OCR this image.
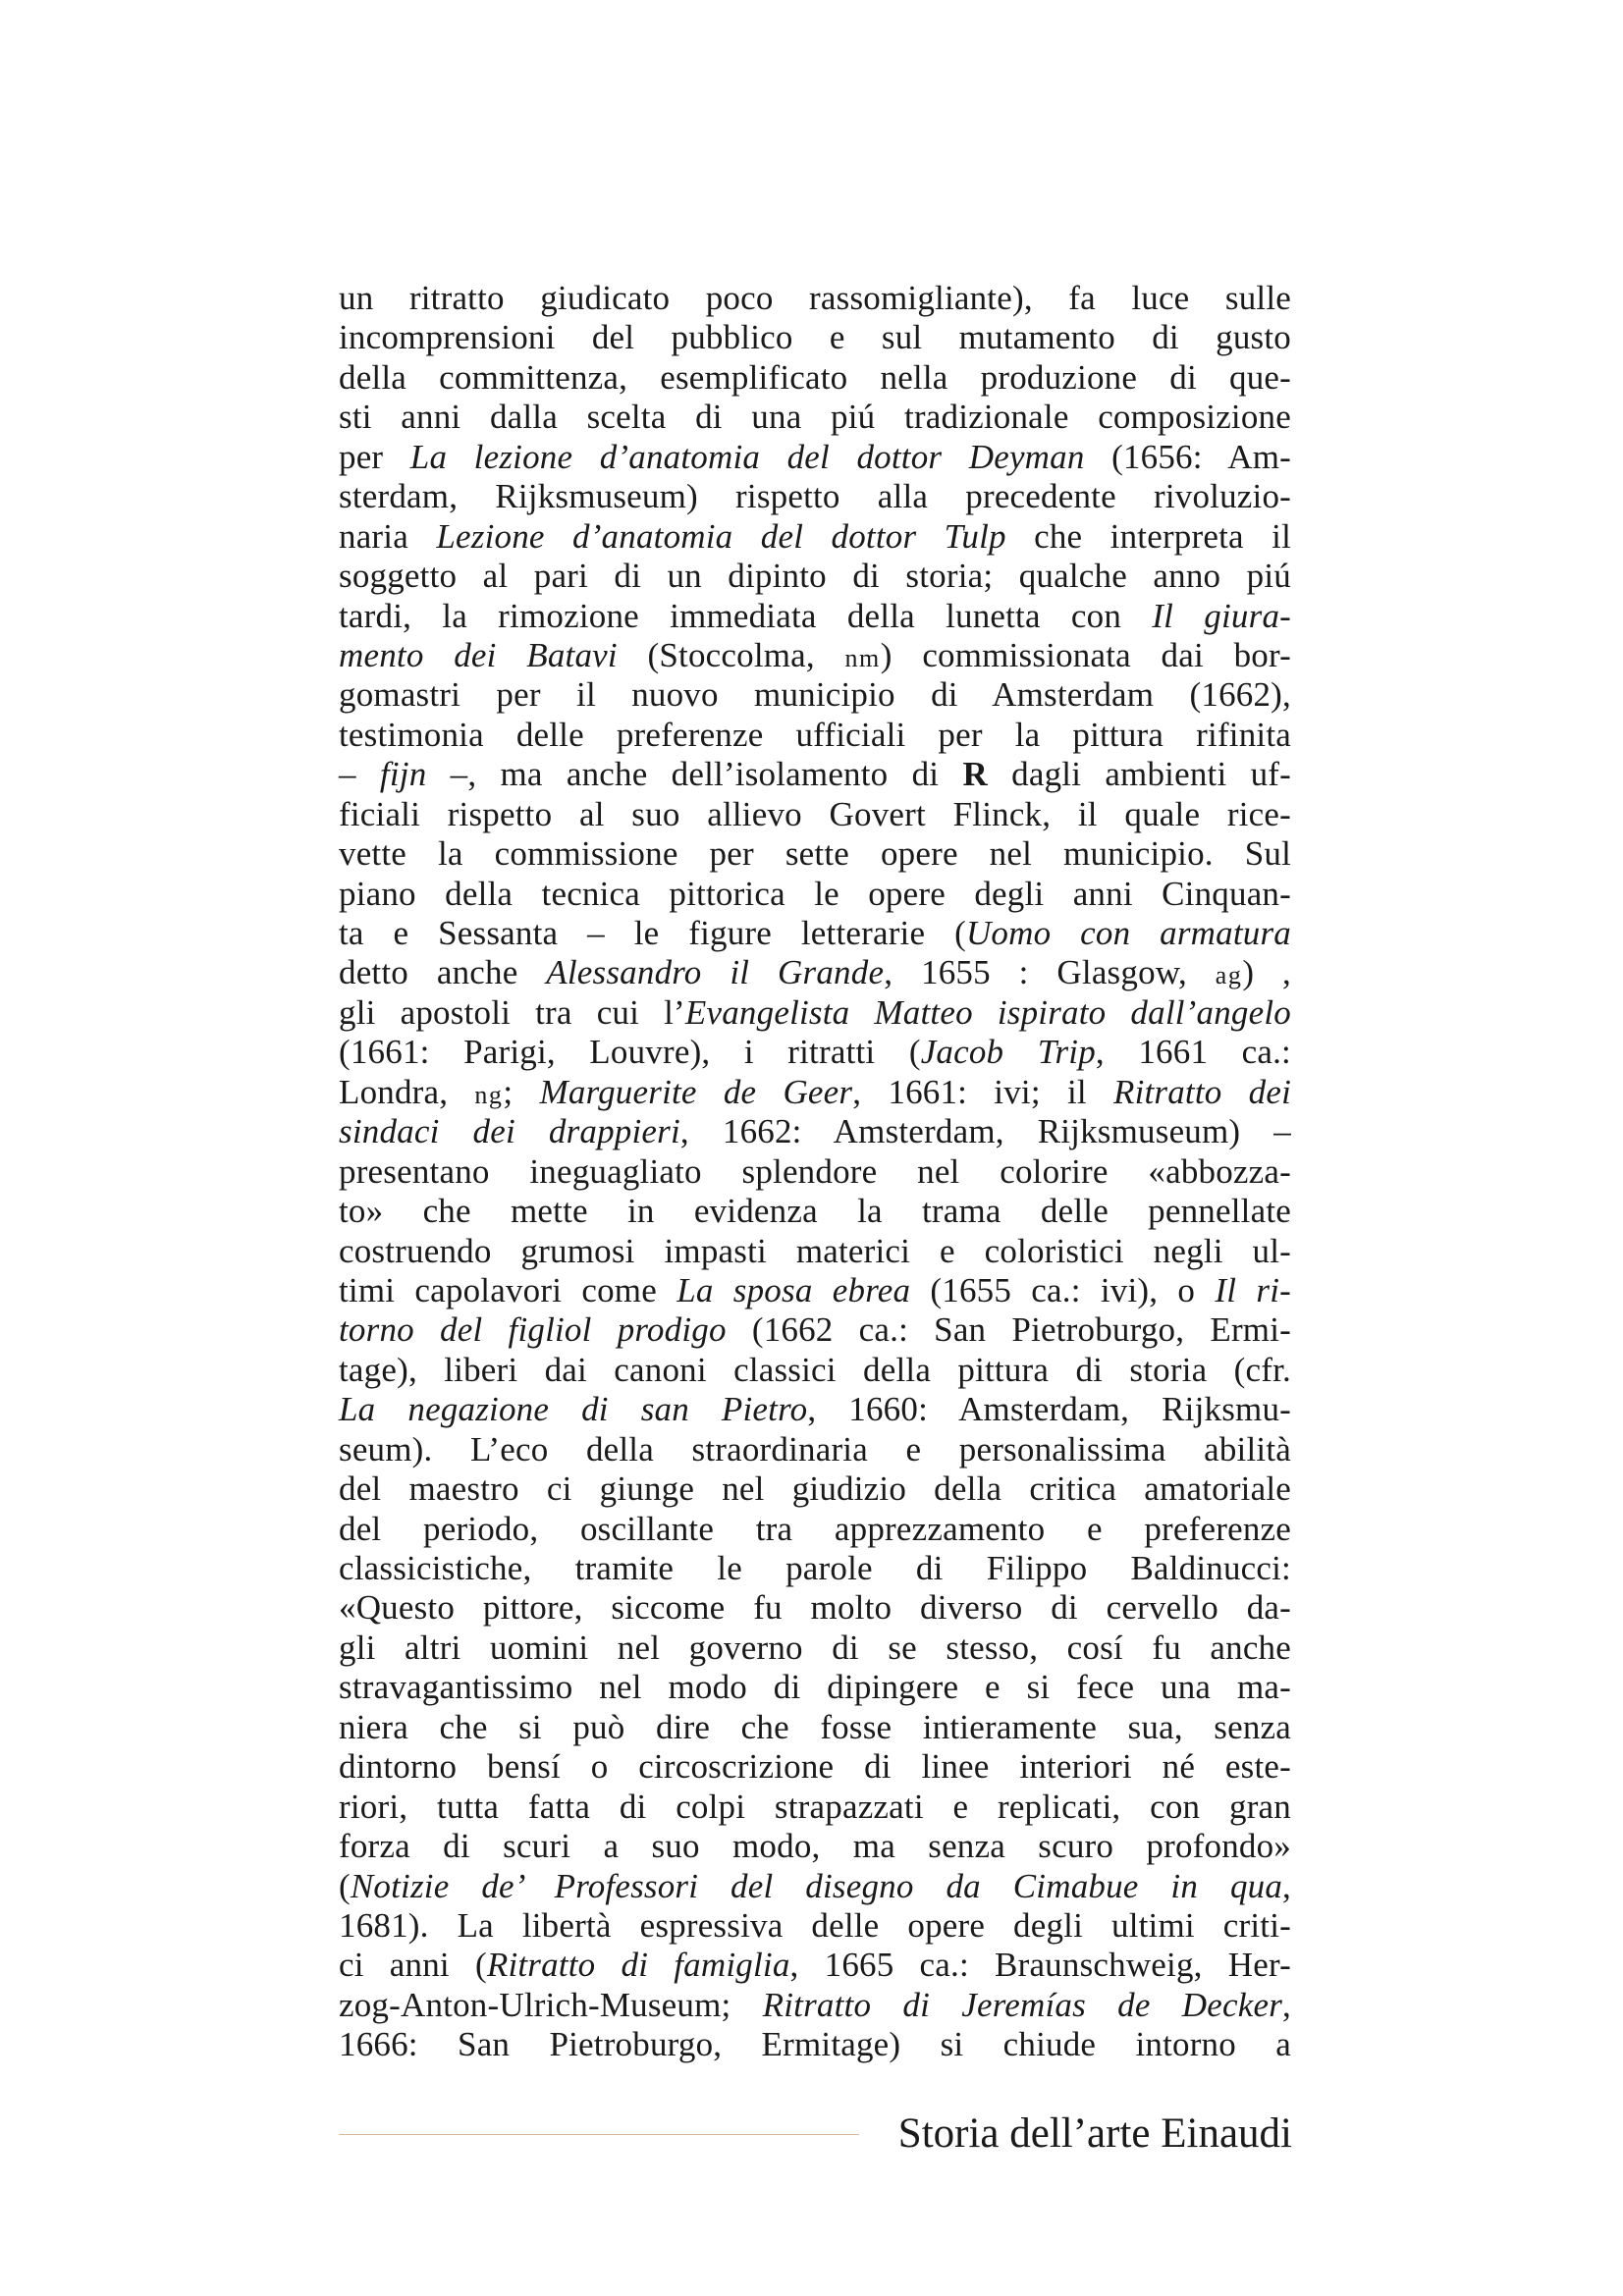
un ritratto giudicato poco rassomigliante), fa luce sulle
incomprensioni del pubblico e sul mutamento di gusto
della committenza, esemplificato nella produzione di que-
sti anni dalla scelta di una piú tradizionale composizione
per La lezione d’anatomia del dottor Deyman (1656: Am-
sterdam, Rijksmuseum) rispetto alla precedente rivoluzio-
naria Lezione d’anatomia del dottor Tulp che interpreta il
soggetto al pari di un dipinto di storia; qualche anno piú
tardi, la rimozione immediata della lunetta con Il giura-
mento dei Batavi (Stoccolma, nm) commissionata dai bor-
gomastri per il nuovo municipio di Amsterdam (1662),
testimonia delle preferenze ufficiali per la pittura rifinita
– fijn –, ma anche dell’isolamento di R dagli ambienti uf-
ficiali rispetto al suo allievo Govert Flinck, il quale rice-
vette la commissione per sette opere nel municipio. Sul
piano della tecnica pittorica le opere degli anni Cinquan-
ta e Sessanta – le figure letterarie (Uomo con armatura
detto anche Alessandro il Grande, 1655 : Glasgow, ag) ,
gli apostoli tra cui l’Evangelista Matteo ispirato dall’angelo
(1661: Parigi, Louvre), i ritratti (Jacob Trip, 1661 ca.:
Londra, ng; Marguerite de Geer, 1661: ivi; il Ritratto dei
sindaci dei drappieri, 1662: Amsterdam, Rijksmuseum) –
presentano ineguagliato splendore nel colorire «abbozza-
to» che mette in evidenza la trama delle pennellate
costruendo grumosi impasti materici e coloristici negli ul-
timi capolavori come La sposa ebrea (1655 ca.: ivi), o Il ri-
torno del figliol prodigo (1662 ca.: San Pietroburgo, Ermi-
tage), liberi dai canoni classici della pittura di storia (cfr.
La negazione di san Pietro, 1660: Amsterdam, Rijksmu-
seum). L’eco della straordinaria e personalissima abilità
del maestro ci giunge nel giudizio della critica amatoriale
del periodo, oscillante tra apprezzamento e preferenze
classicistiche, tramite le parole di Filippo Baldinucci:
«Questo pittore, siccome fu molto diverso di cervello da-
gli altri uomini nel governo di se stesso, cosí fu anche
stravagantissimo nel modo di dipingere e si fece una ma-
niera che si può dire che fosse intieramente sua, senza
dintorno bensí o circoscrizione di linee interiori né este-
riori, tutta fatta di colpi strapazzati e replicati, con gran
forza di scuri a suo modo, ma senza scuro profondo»
(Notizie de’ Professori del disegno da Cimabue in qua,
1681). La libertà espressiva delle opere degli ultimi criti-
ci anni (Ritratto di famiglia, 1665 ca.: Braunschweig, Her-
zog-Anton-Ulrich-Museum; Ritratto di Jeremías de Decker,
1666: San Pietroburgo, Ermitage) si chiude intorno a
Storia dell’arte Einaudi
